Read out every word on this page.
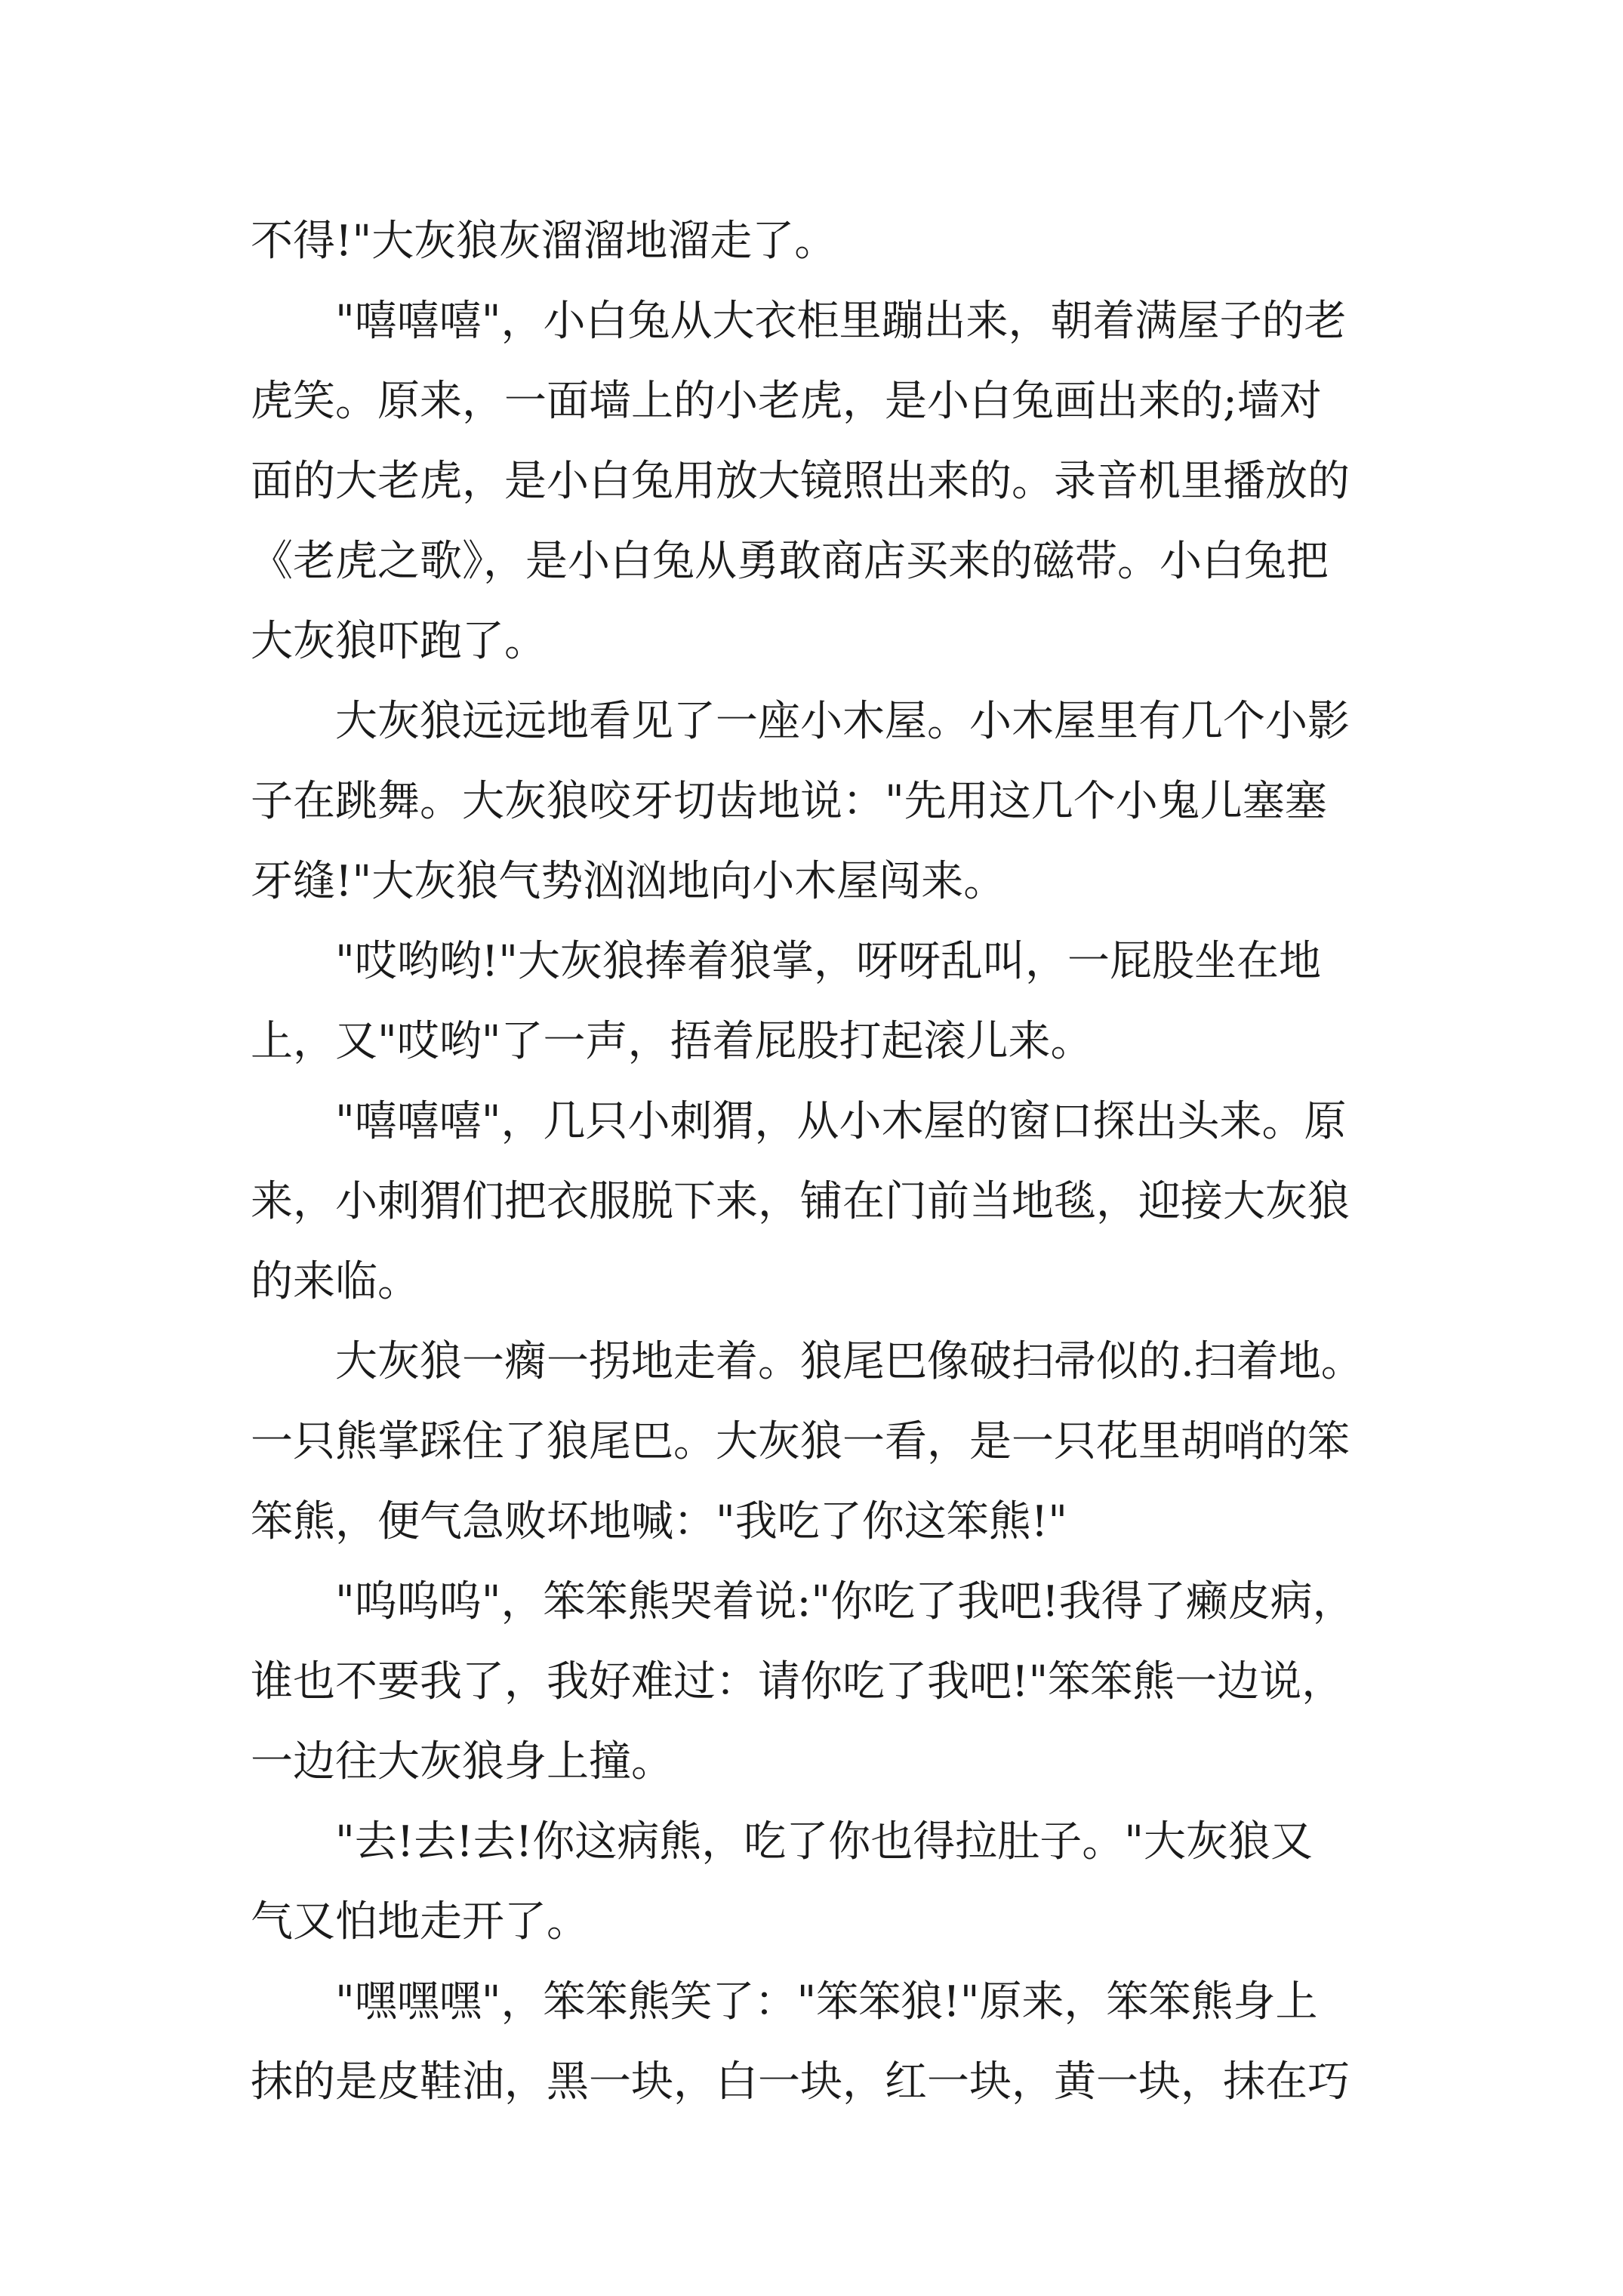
不得!"大灰狼灰溜溜地溜走了。
"嘻嘻嘻"，小白兔从大衣柜里蹦出来，朝着满屋子的老
虎笑。原来，一面墙上的小老虎，是小白兔画出来的;墙对
面的大老虎，是小白兔用放大镜照出来的。录音机里播放的
《老虎之歌》，是小白兔从勇敢商店买来的磁带。小白兔把
大灰狼吓跑了。
大灰狼远远地看见了一座小木屋。小木屋里有几个小影
子在跳舞。大灰狼咬牙切齿地说："先用这几个小鬼儿塞塞
牙缝!"大灰狼气势汹汹地向小木屋闯来。
"哎哟哟!"大灰狼捧着狼掌，呀呀乱叫，一屁股坐在地
上，又"哎哟"了一声，捂着屁股打起滚儿来。
"嘻嘻嘻"，几只小刺猬，从小木屋的窗口探出头来。原
来，小刺猬们把衣服脱下来，铺在门前当地毯，迎接大灰狼
的来临。
大灰狼一瘸一拐地走着。狼尾巴像破扫帚似的.扫着地。
一只熊掌踩住了狼尾巴。大灰狼一看，是一只花里胡哨的笨
笨熊，便气急败坏地喊："我吃了你这笨熊!"
"呜呜呜"，笨笨熊哭着说:"你吃了我吧!我得了癞皮病，
谁也不要我了，我好难过：请你吃了我吧!"笨笨熊一边说，
一边往大灰狼身上撞。
"去!去!去!你这病熊，吃了你也得拉肚子。"大灰狼又
气又怕地走开了。
"嘿嘿嘿"，笨笨熊笑了："笨笨狼!"原来，笨笨熊身上
抹的是皮鞋油，黑一块，白一块，红一块，黄一块，抹在巧
